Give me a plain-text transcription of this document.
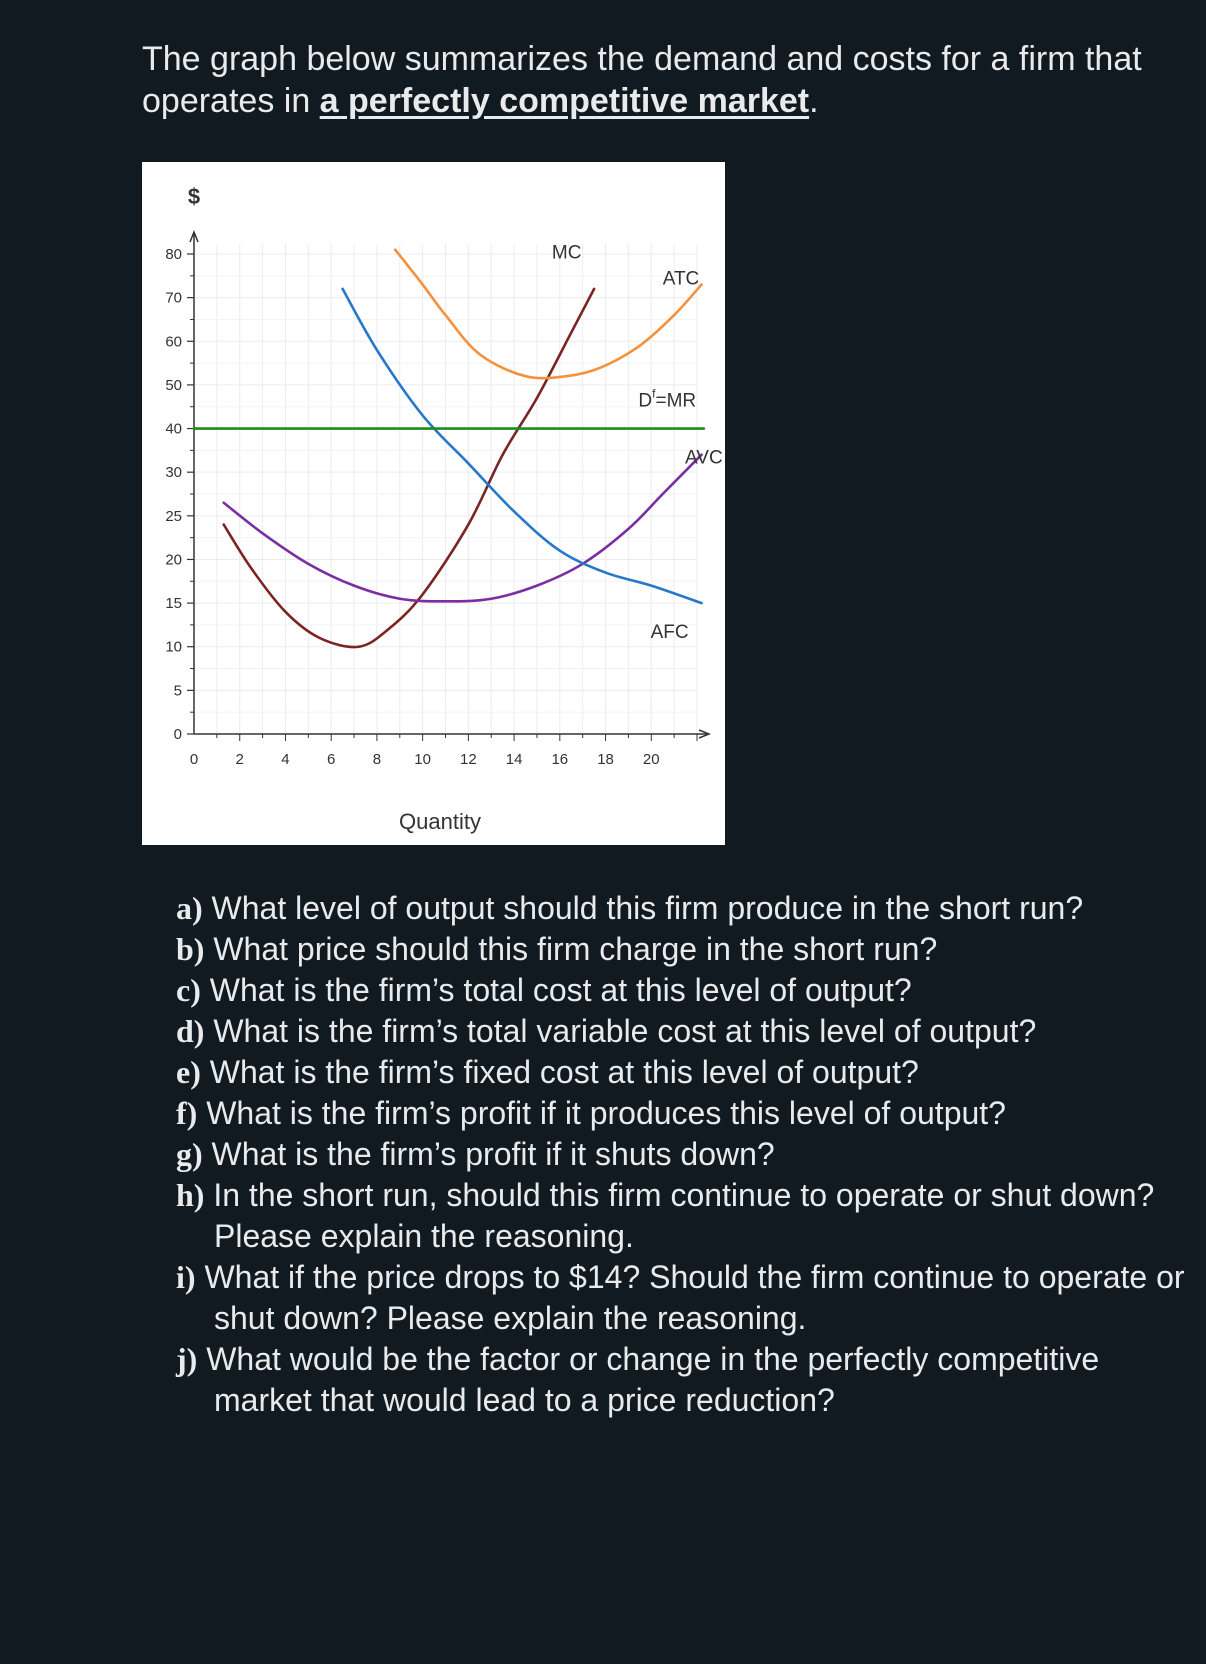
The graph below summarizes the demand and costs for a firm that operates in a perfectly competitive market.

0
5
10
15
20
25
30
40
50
60
70
80
0 2 4 6 8 10 12 14 16 18 20
$
Quantity
MC
ATC
AVC
AFC
$D^f=MR$
a) What level of output should this firm produce in the short run?
b) What price should this firm charge in the short run?
c) What is the firm’s total cost at this level of output?
d) What is the firm’s total variable cost at this level of output?
e) What is the firm’s fixed cost at this level of output?
f) What is the firm’s profit if it produces this level of output?
g) What is the firm’s profit if it shuts down?
h) In the short run, should this firm continue to operate or shut down? Please explain the reasoning.
i) What if the price drops to $14? Should the firm continue to operate or shut down? Please explain the reasoning.
j) What would be the factor or change in the perfectly competitive market that would lead to a price reduction?
